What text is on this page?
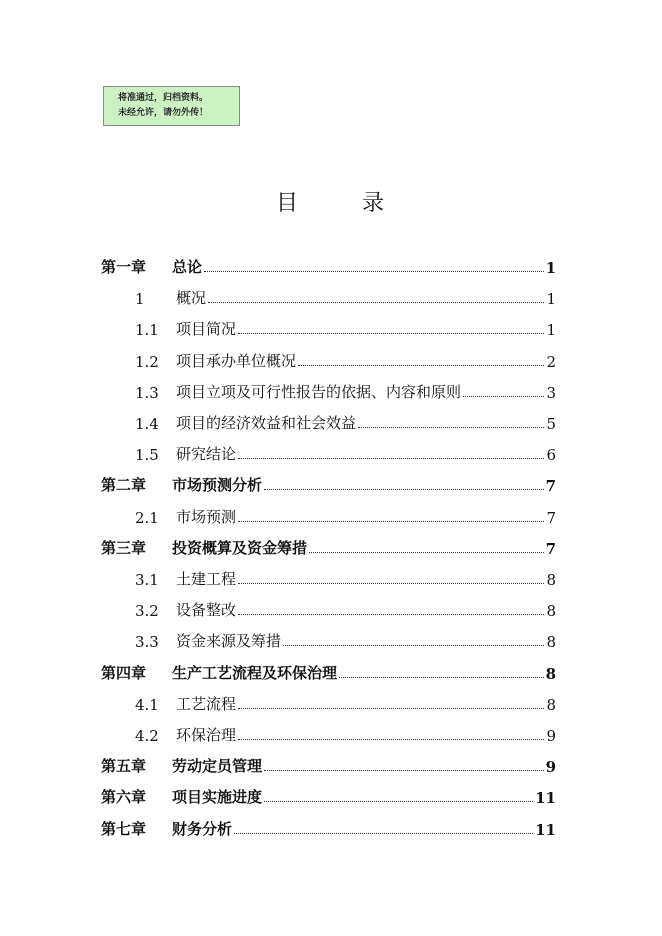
将准通过，归档资料。
未经允许，请勿外传！
目	录
第一章 总论	1
1 概况	1
1.1 项目简况	1
1.2 项目承办单位概况	2
1.3 项目立项及可行性报告的依据、内容和原则	3
1.4 项目的经济效益和社会效益	5
1.5 研究结论	6
第二章 市场预测分析	7
2.1 市场预测	7
第三章 投资概算及资金筹措	7
3.1 土建工程	8
3.2 设备整改	8
3.3 资金来源及筹措	8
第四章 生产工艺流程及环保治理	8
4.1 工艺流程	8
4.2 环保治理	9
第五章 劳动定员管理	9
第六章 项目实施进度	11
第七章 财务分析	11
